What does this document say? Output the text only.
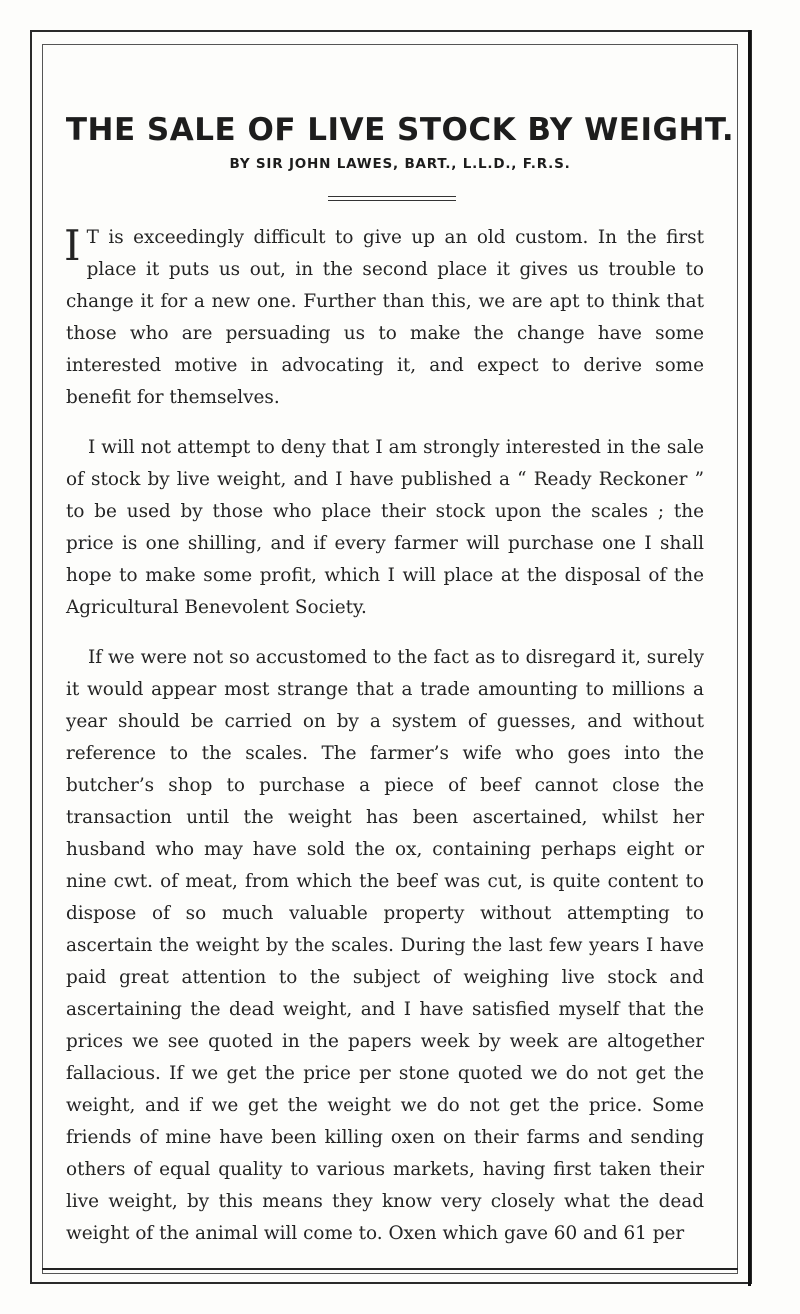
THE SALE OF LIVE STOCK BY WEIGHT.
BY SIR JOHN LAWES, BART., L.L.D., F.R.S.

I T is exceedingly difficult to give up an old custom. In the first place it puts us out, in the second place it gives us trouble to change it for a new one. Further than this, we are apt to think that those who are persuading us to make the change have some interested motive in advocating it, and expect to derive some benefit for themselves.

I will not attempt to deny that I am strongly interested in the sale of stock by live weight, and I have published a “ Ready Reckoner ” to be used by those who place their stock upon the scales ; the price is one shilling, and if every farmer will purchase one I shall hope to make some profit, which I will place at the disposal of the Agricultural Benevolent Society.

If we were not so accustomed to the fact as to disregard it, surely it would appear most strange that a trade amounting to millions a year should be carried on by a system of guesses, and without reference to the scales. The farmer’s wife who goes into the butcher’s shop to purchase a piece of beef cannot close the transaction until the weight has been ascertained, whilst her husband who may have sold the ox, containing perhaps eight or nine cwt. of meat, from which the beef was cut, is quite content to dispose of so much valuable property without attempting to ascertain the weight by the scales. During the last few years I have paid great attention to the subject of weighing live stock and ascertaining the dead weight, and I have satisfied myself that the prices we see quoted in the papers week by week are altogether fallacious. If we get the price per stone quoted we do not get the weight, and if we get the weight we do not get the price. Some friends of mine have been killing oxen on their farms and sending others of equal quality to various markets, having first taken their live weight, by this means they know very closely what the dead weight of the animal will come to. Oxen which gave 60 and 61 per
